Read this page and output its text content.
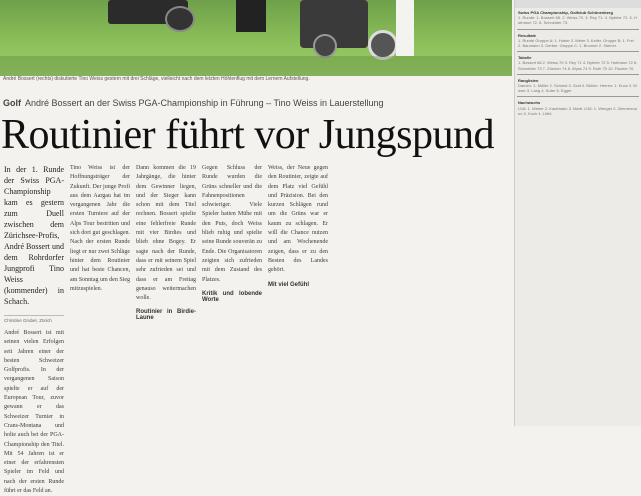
André Bossert (rechts) diskutierte Tino Weiss gestern mit drei Schläge, vielleicht nach dem letzten Höhlenflug mit dem Lernem Aufstellung.
Golf André Bossert an der Swiss PGA-Championship in Führung – Tino Weiss in Lauerstellung
Routinier führt vor Jungspund
In der 1. Runde der Swiss PGA-Championship kam es gestern zum Duell zwischen dem Zürichsee-Profis, André Bossert und dem Rohrdorfer Jungprofi Tino Weiss (kommender) in Schach.
Christine Gruber, Zürich

André Bossert ist mit seinen vielen Erfolgen seit Jahren einer der besten Schweizer Golfprofis. In der vergangenen Saison spielte er auf der European Tour, zuvor gewann er das Schweizer Turnier in Crans-Montana und holte auch bei der PGA-Championship den Titel. Mit 54 Jahren ist er einer der erfahrensten Spieler im Feld und nach der ersten Runde führt er das Feld an.

Tino Weiss ist der Hoffnungsträger der Zukunft. Der junge Profi aus dem Aargau hat im vergangenen Jahr die ersten Turniere auf der Alps Tour bestritten und sich dort gut geschlagen. Nach der ersten Runde liegt er nur zwei Schläge hinter dem Routinier und hat beste Chancen, am Sonntag um den Sieg mitzuspielen.

Dann kommen die 19 Jahrgänge, die hinter dem Gewinner liegen, und der Sieger kann schon mit dem Titel rechnen. Bossert spielte eine fehlerfreie Runde mit vier Birdies und blieb ohne Bogey. Er sagte nach der Runde, dass er mit seinem Spiel sehr zufrieden sei und dass er am Freitag genauso weitermachen wolle.

Routinier in Birdie-Laune

Gegen Schluss der Runde wurden die Grüns schneller und die Fahnenpositionen schwieriger. Viele Spieler hatten Mühe mit den Puts, doch Weiss blieb ruhig und spielte seine Runde souverän zu Ende. Die Organisatoren zeigten sich zufrieden mit dem Zustand des Platzes.

Kritik und lobende Worte

Weiss, der Neue gegen den Routinier, zeigte auf dem Platz viel Gefühl und Präzision. Bei den kurzen Schlägen rund um die Grüns war er kaum zu schlagen. Er will die Chance nutzen und am Wochenende zeigen, dass er zu den Besten des Landes gehört.

Mit viel Gefühl
Swiss PGA Championship, Golfclub Schönenberg
1. Runde: 1. Bossert 68. 2. Weiss 70. 3. Rey 71. 4. Nyfeler 72. 5. Hofmann 72. 6. Schneider 73.
Resultate
1. Runde Gruppe A: 1. Huber 2. Meier 3. Keller. Gruppe B: 1. Frei 2. Baumann 3. Gerber. Gruppe C: 1. Brunner 2. Steiner.
Tabelle
1. Bossert 68 2. Weiss 70 3. Rey 71 4. Nyfeler 72 5. Hofmann 72 6. Schneider 73 7. Zürcher 74 8. Wyss 74 9. Roth 75 10. Fischer 76
Ranglisten
Damen: 1. Müller 2. Schmid 3. Graf 4. Bühler. Herren: 1. Kunz 2. Moser 3. Lang 4. Suter 5. Egger
Nachwuchs
U18: 1. Weber 2. Kaufmann 3. Marti. U16: 1. Wenger 2. Zimmermann 3. Koch 4. Lüthi
